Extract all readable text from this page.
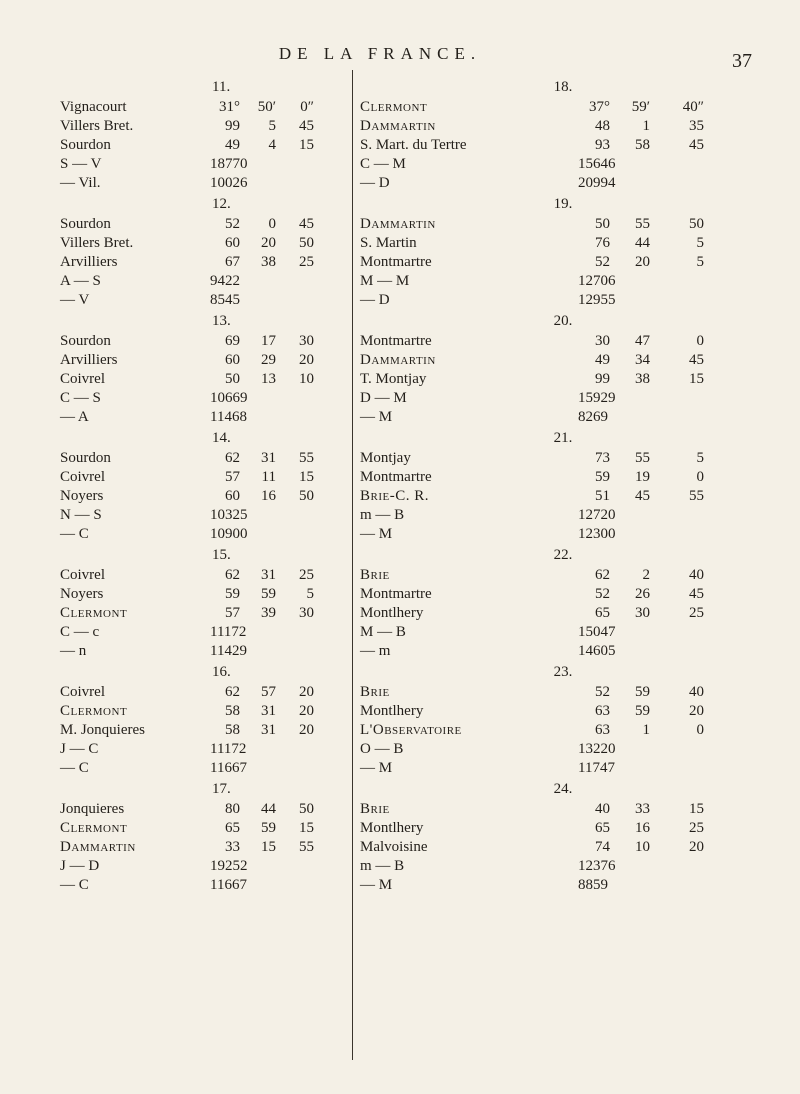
DE LA FRANCE.	37
11.
Vignacourt	31°	50′	0″
Villers Bret.	99	5	45
Sourdon	49	4	15
S — V	18770
— Vil.	10026
12.
Sourdon	52	0	45
Villers Bret.	60	20	50
Arvilliers	67	38	25
A — S	9422
— V	8545
13.
Sourdon	69	17	30
Arvilliers	60	29	20
Coivrel	50	13	10
C — S	10669
— A	11468
14.
Sourdon	62	31	55
Coivrel	57	11	15
Noyers	60	16	50
N — S	10325
— C	10900
15.
Coivrel	62	31	25
Noyers	59	59	5
Clermont	57	39	30
C — c	11172
— n	11429
16.
Coivrel	62	57	20
Clermont	58	31	20
M. Jonquieres	58	31	20
J — C	11172
— C	11667
17.
Jonquieres	80	44	50
Clermont	65	59	15
Dammartin	33	15	55
J — D	19252
— C	11667
18.
Clermont	37°	59′	40″
Dammartin	48	1	35
S. Mart. du Tertre	93	58	45
C — M	15646
— D	20994
19.
Dammartin	50	55	50
S. Martin	76	44	5
Montmartre	52	20	5
M — M	12706
— D	12955
20.
Montmartre	30	47	0
Dammartin	49	34	45
T. Montjay	99	38	15
D — M	15929
— M	8269
21.
Montjay	73	55	5
Montmartre	59	19	0
Brie-C. R.	51	45	55
m — B	12720
— M	12300
22.
Brie	62	2	40
Montmartre	52	26	45
Montlhery	65	30	25
M — B	15047
— m	14605
23.
Brie	52	59	40
Montlhery	63	59	20
L'Observatoire	63	1	0
O — B	13220
— M	11747
24.
Brie	40	33	15
Montlhery	65	16	25
Malvoisine	74	10	20
m — B	12376
— M	8859
